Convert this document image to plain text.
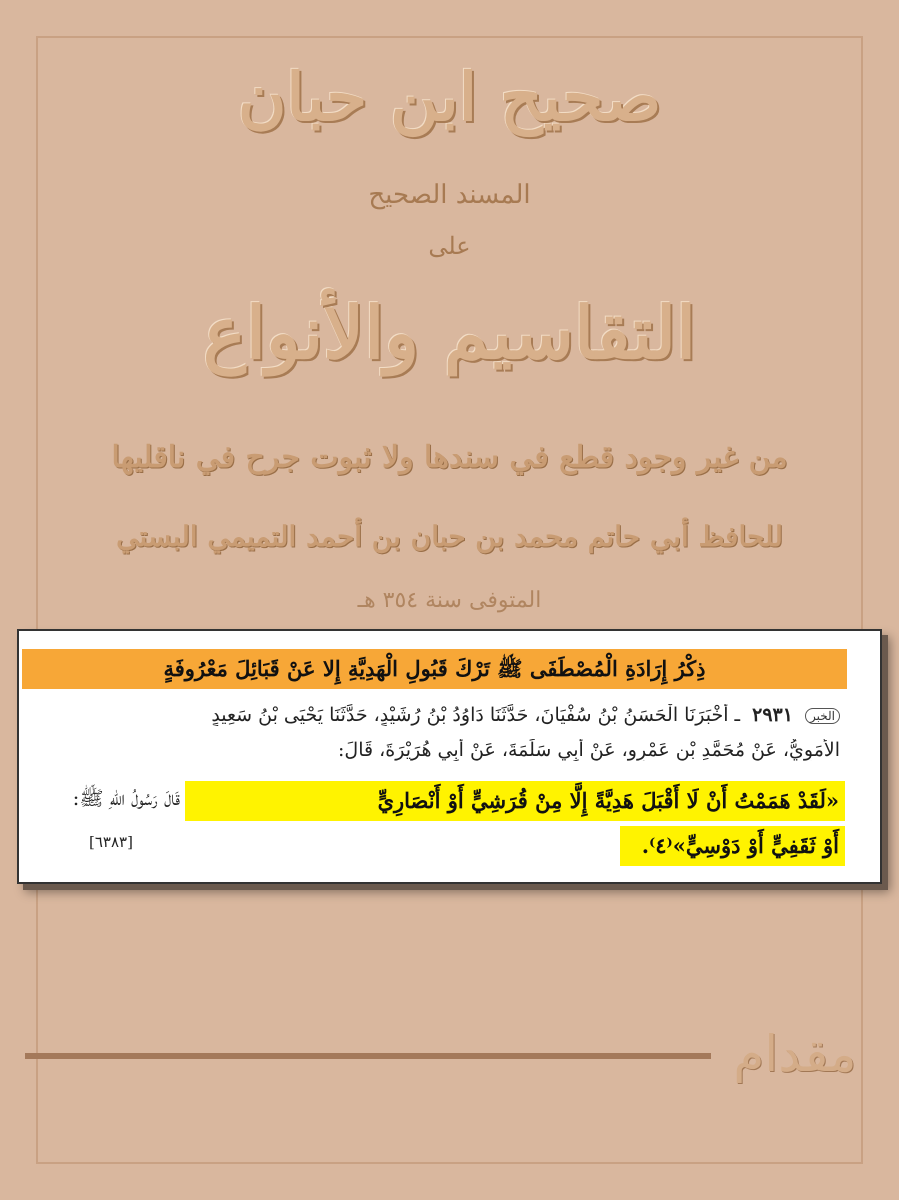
صحيح ابن حبان
المسند الصحيح
على
التقاسيم والأنواع
من غير وجود قطع في سندها ولا ثبوت جرح في ناقليها
للحافظ أبي حاتم محمد بن حبان بن أحمد التميمي البستي
المتوفى سنة ٣٥٤ هـ
ذِكْرُ إِرَادَةِ الْمُصْطَفَى ﷺ تَرْكَ قَبُولِ الْهَدِيَّةِ إِلا عَنْ قَبَائِلَ مَعْرُوفَةٍ
الخبر ٢٩٣١ ـ أَخْبَرَنَا الْحَسَنُ بْنُ سُفْيَانَ، حَدَّثَنَا دَاوُدُ بْنُ رُشَيْدٍ، حَدَّثَنَا يَحْيَى بْنُ سَعِيدٍ
الأُمَوِيُّ، عَنْ مُحَمَّدِ بْنِ عَمْرٍو، عَنْ أَبِي سَلَمَةَ، عَنْ أَبِي هُرَيْرَةَ، قَالَ:
قَالَ رَسُولُ اللهِ ﷺ:	«لَقَدْ هَمَمْتُ أَنْ لَا أَقْبَلَ هَدِيَّةً إِلَّا مِنْ قُرَشِيٍّ أَوْ أَنْصَارِيٍّ
أَوْ ثَقَفِيٍّ أَوْ دَوْسِيٍّ»⁽٤⁾.
[٦٣٨٣]
مقدام
